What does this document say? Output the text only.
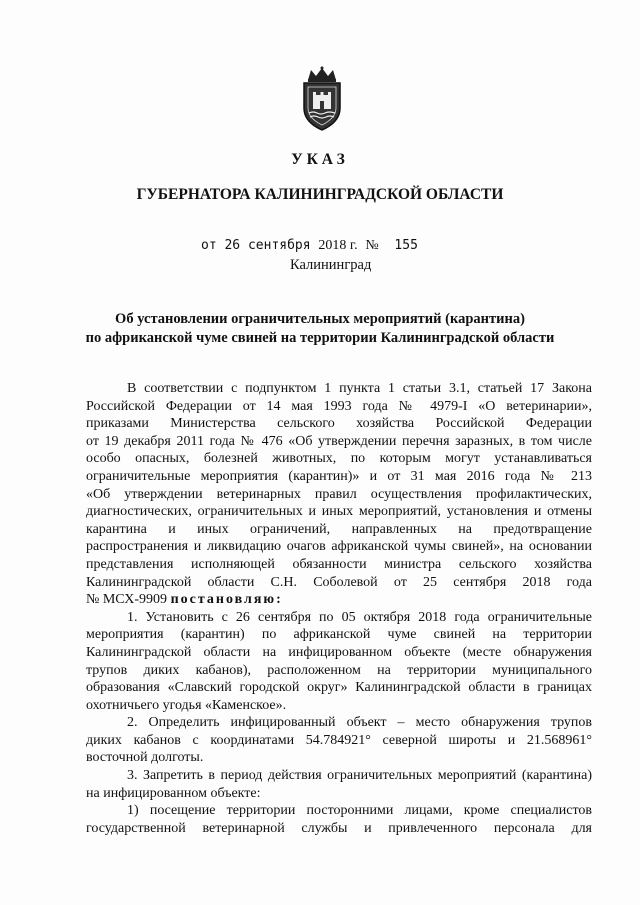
УКАЗ
ГУБЕРНАТОРА КАЛИНИНГРАДСКОЙ ОБЛАСТИ
от 26 сентября 2018 г. № 155
Калининград
Об установлении ограничительных мероприятий (карантина)
по африканской чуме свиней на территории Калининградской области

В соответствии с подпунктом 1 пункта 1 статьи 3.1, статьей 17 Закона

Российской Федерации от 14 мая 1993 года № 4979-I «О ветеринарии»,

приказами Министерства сельского хозяйства Российской Федерации

от 19 декабря 2011 года № 476 «Об утверждении перечня заразных, в том числе

особо опасных, болезней животных, по которым могут устанавливаться

ограничительные мероприятия (карантин)» и от 31 мая 2016 года № 213

«Об утверждении ветеринарных правил осуществления профилактических,

диагностических, ограничительных и иных мероприятий, установления и отмены

карантина и иных ограничений, направленных на предотвращение

распространения и ликвидацию очагов африканской чумы свиней», на основании

представления исполняющей обязанности министра сельского хозяйства

Калининградской области С.Н. Соболевой от 25 сентября 2018 года

№ МСХ-9909 постановляю:

1. Установить с 26 сентября по 05 октября 2018 года ограничительные

мероприятия (карантин) по африканской чуме свиней на территории

Калининградской области на инфицированном объекте (месте обнаружения

трупов диких кабанов), расположенном на территории муниципального

образования «Славский городской округ» Калининградской области в границах

охотничьего угодья «Каменское».

2. Определить инфицированный объект – место обнаружения трупов

диких кабанов с координатами 54.784921° северной широты и 21.568961°

восточной долготы.

3. Запретить в период действия ограничительных мероприятий (карантина)

на инфицированном объекте:

1) посещение территории посторонними лицами, кроме специалистов

государственной ветеринарной службы и привлеченного персонала для
